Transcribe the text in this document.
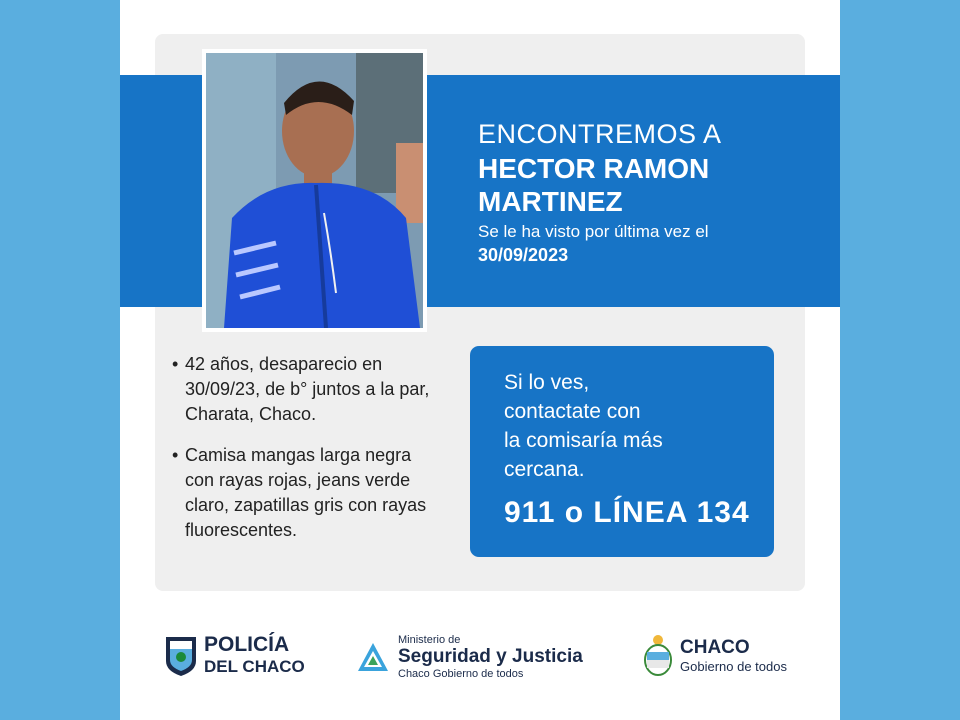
ENCONTREMOS A
HECTOR RAMON MARTINEZ
Se le ha visto por última vez el
30/09/2023
• 42 años, desaparecio en
30/09/23, de b° juntos a la par,
Charata, Chaco.
• Camisa mangas larga negra
con rayas rojas, jeans verde
claro, zapatillas gris con rayas
fluorescentes.
Si lo ves,
contactate con
la comisaría más
cercana.
911 o LÍNEA 134
POLICÍA
DEL CHACO
Ministerio de
Seguridad y Justicia
Chaco Gobierno de todos
CHACO
Gobierno de todos
